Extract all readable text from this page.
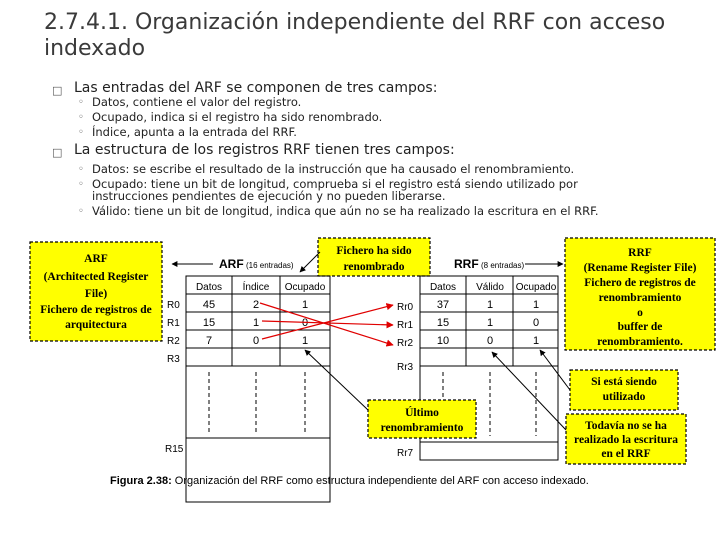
2.7.4.1. Organización independiente del RRF con acceso
indexado
□ Las entradas del ARF se componen de tres campos:
◦ Datos, contiene el valor del registro.
◦ Ocupado, indica si el registro ha sido renombrado.
◦ Índice, apunta a la entrada del RRF.
□ La estructura de los registros RRF tienen tres campos:
◦ Datos: se escribe el resultado de la instrucción que ha causado el renombramiento.
◦ Ocupado: tiene un bit de longitud, comprueba si el registro está siendo utilizado por
instrucciones pendientes de ejecución y no pueden liberarse.
◦ Válido: tiene un bit de longitud, indica que aún no se ha realizado la escritura en el RRF.
ARF
(Architected Register
File)
Fichero de registros de
arquitectura
Fichero ha sido
renombrado
RRF
(Rename Register File)
Fichero de registros de
renombramiento
o
buffer de
renombramiento.
ARF (16 entradas)	RRF (8 entradas)
Datos Índice Ocupado
R0 45	2	1
R1 15	1	0
R2 7	0	1
R3
R15
Datos Válido Ocupado
Rr0 37	1	1
Rr1 15	1	0
Rr2 10	0	1
Rr3
Rr7
Si está siendo
utilizado
Último
renombramiento	Todavía no se ha
realizado la escritura
en el RRF
Figura 2.38: Organización del RRF como estructura independiente del ARF con acceso indexado.
